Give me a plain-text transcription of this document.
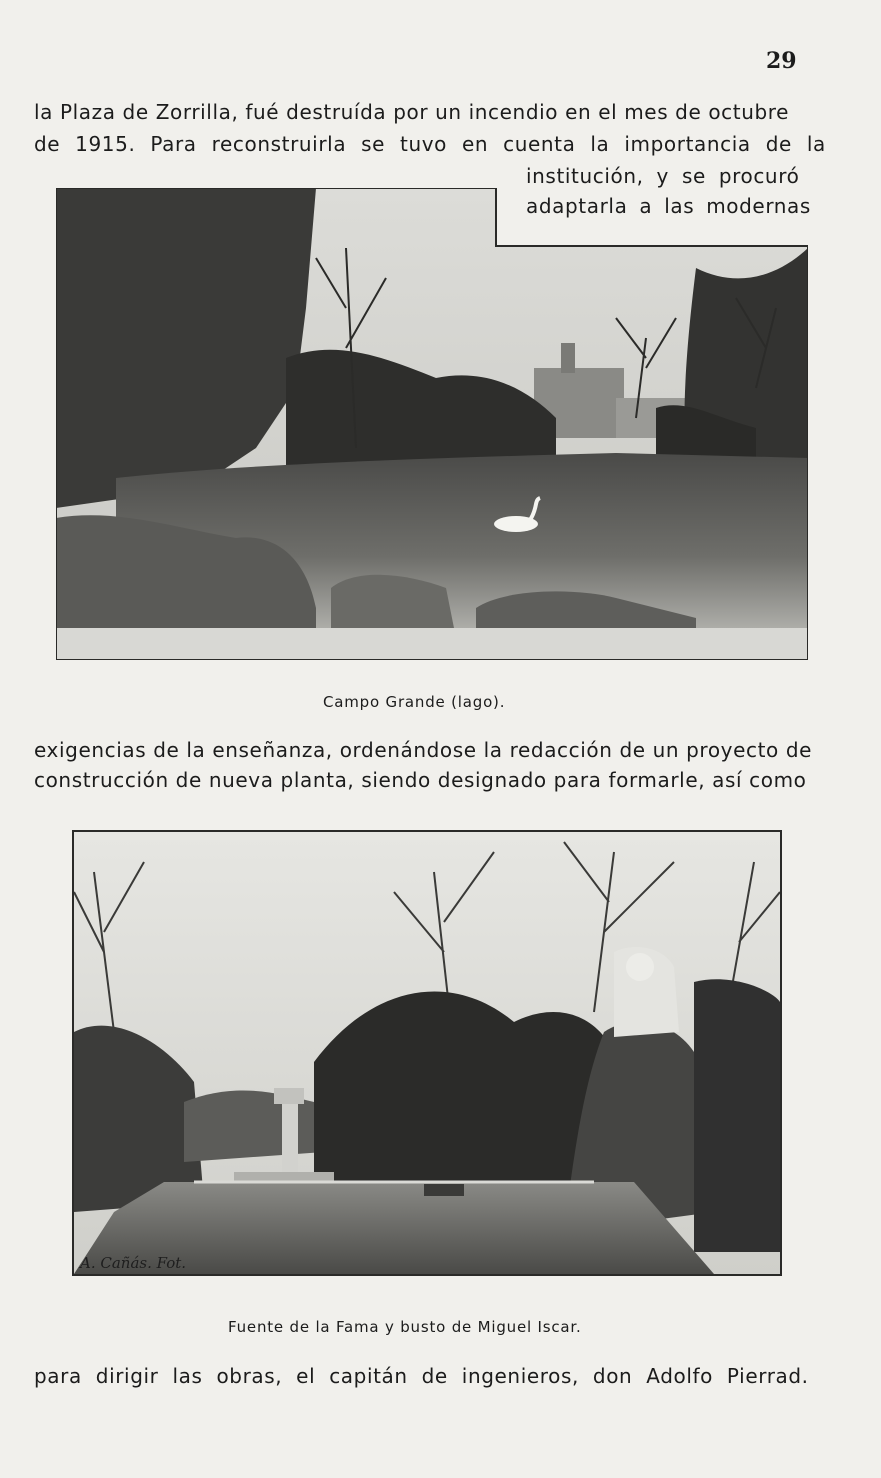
29
la Plaza de Zorrilla, fué destruída por un incendio en el mes de octubre
de 1915. Para reconstruirla se tuvo en cuenta la importancia de la
institución, y se procuró
adaptarla a las modernas
Campo Grande (lago).
exigencias de la enseñanza, ordenándose la redacción de un proyecto de
construcción de nueva planta, siendo designado para formarle, así como
A. Cañás. Fot.
Fuente de la Fama y busto de Miguel Iscar.
para dirigir las obras, el capitán de ingenieros, don Adolfo Pierrad.
